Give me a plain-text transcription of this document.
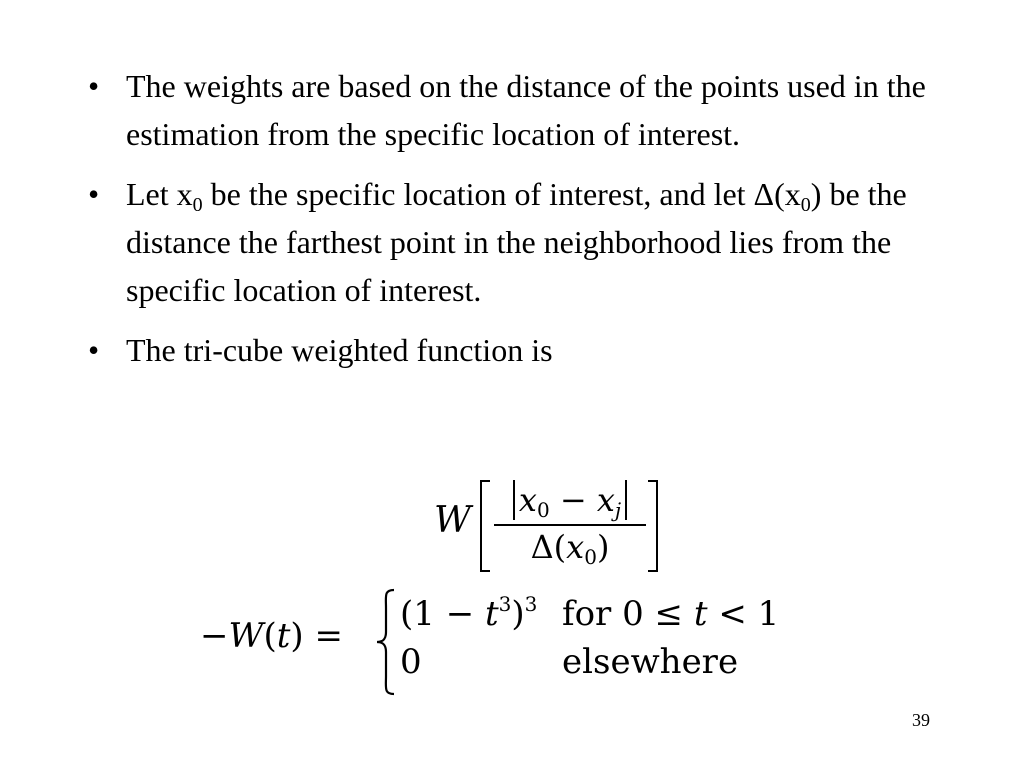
• The weights are based on the distance of the points used in the estimation from the specific location of interest.
• Let $x_0$ be the specific location of interest, and let $\Delta(x_0)$ be the distance the farthest point in the neighborhood lies from the specific location of interest.
• The tri-cube weighted function is
W	$x_0 - x_j$
$\Delta(x_0)$
−W(t) =
$(1 - t^3)^3$ for 0 ≤ t < 1
0	elsewhere
39
